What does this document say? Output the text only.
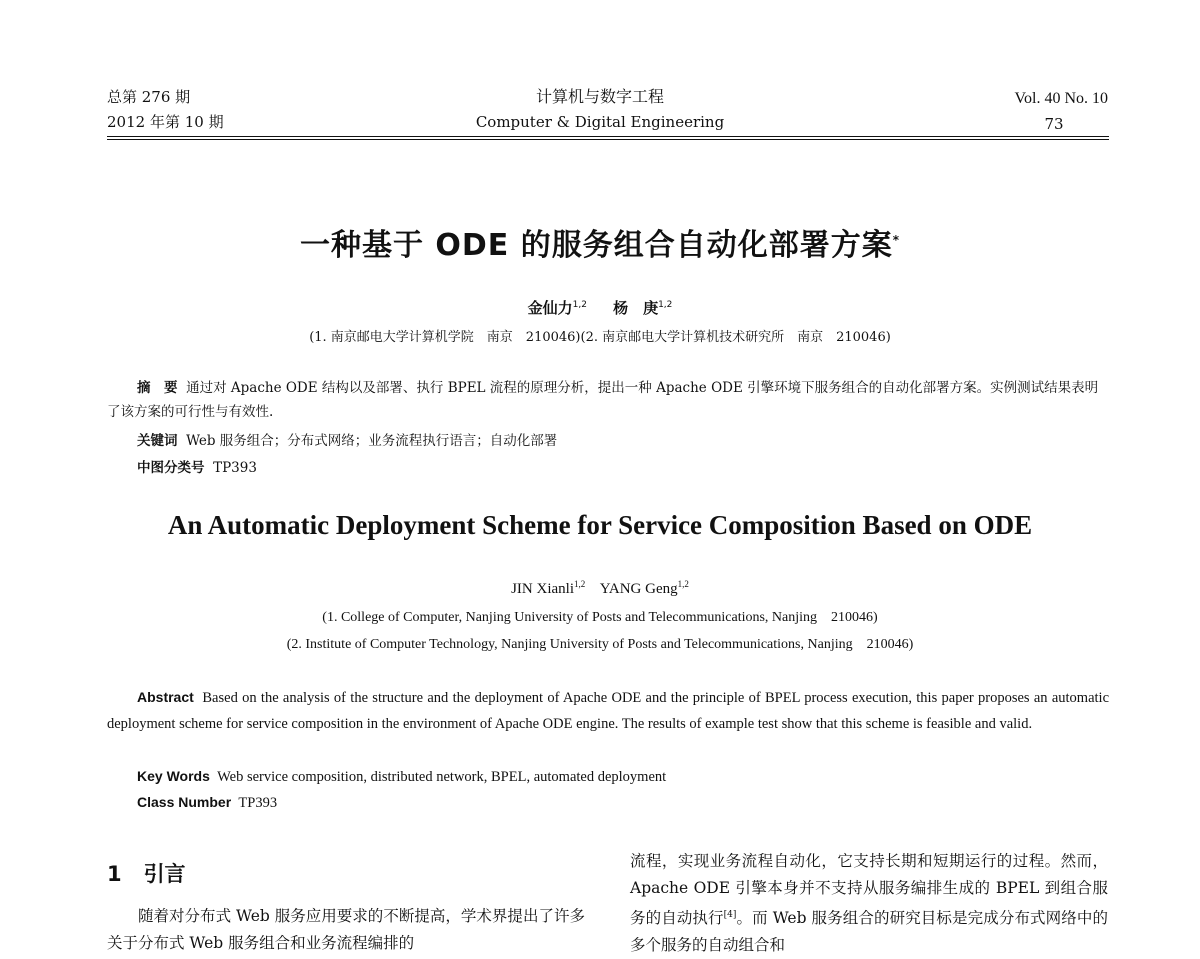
总第 276 期
2012 年第 10 期
计算机与数字工程
Computer & Digital Engineering
Vol. 40 No. 10
73
一种基于 ODE 的服务组合自动化部署方案*
金仙力$^{1,2}$ 杨　庚$^{1,2}$
(1. 南京邮电大学计算机学院　南京　210046)(2. 南京邮电大学计算机技术研究所　南京　210046)
摘　要 通过对 Apache ODE 结构以及部署、执行 BPEL 流程的原理分析，提出一种 Apache ODE 引擎环境下服务组合的自动化部署方案。实例测试结果表明了该方案的可行性与有效性.
关键词 Web 服务组合；分布式网络；业务流程执行语言；自动化部署
中图分类号 TP393
An Automatic Deployment Scheme for Service Composition Based on ODE
JIN Xianli$^{1,2}$ YANG Geng$^{1,2}$
(1. College of Computer, Nanjing University of Posts and Telecommunications, Nanjing　210046)
(2. Institute of Computer Technology, Nanjing University of Posts and Telecommunications, Nanjing　210046)
Abstract Based on the analysis of the structure and the deployment of Apache ODE and the principle of BPEL process execution, this paper proposes an automatic deployment scheme for service composition in the environment of Apache ODE engine. The results of example test show that this scheme is feasible and valid.
Key Words Web service composition, distributed network, BPEL, automated deployment
Class Number TP393
1 引言
随着对分布式 Web 服务应用要求的不断提高，学术界提出了许多关于分布式 Web 服务组合和业务流程编排的
流程，实现业务流程自动化，它支持长期和短期运行的过程。然而，Apache ODE 引擎本身并不支持从服务编排生成的 BPEL 到组合服务的自动执行[4]。而 Web 服务组合的研究目标是完成分布式网络中的多个服务的自动组合和
